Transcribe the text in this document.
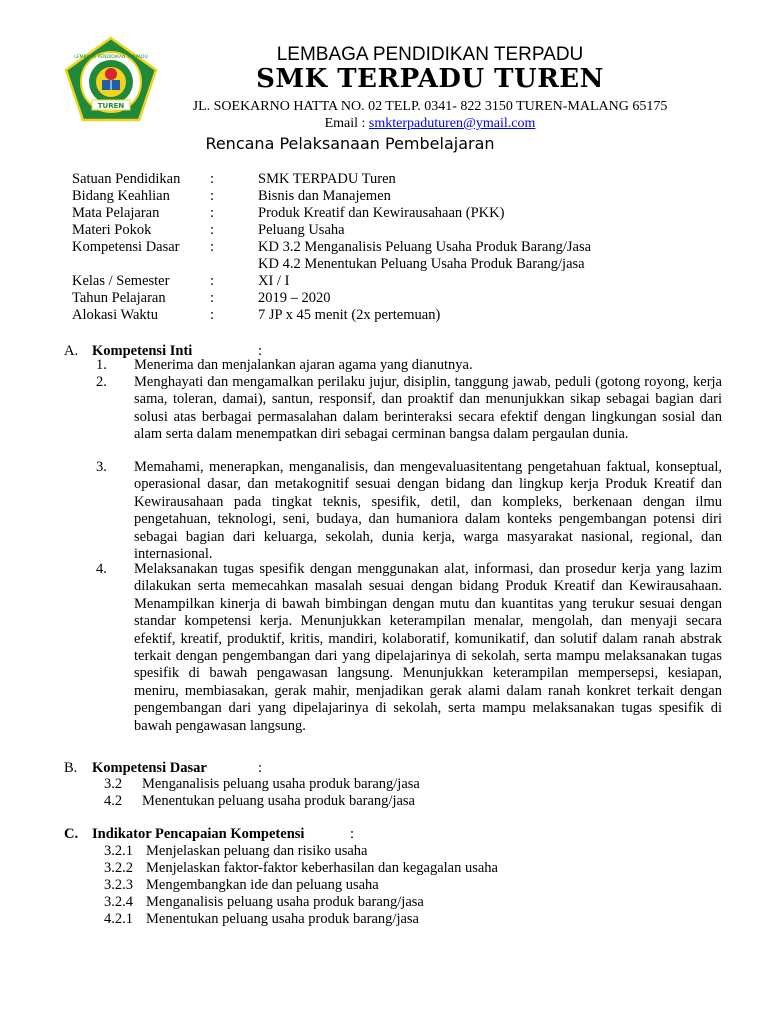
LEMBAGA PENDIDIKAN TERPADU
TUREN
LEMBAGA PENDIDIKAN TERPADU
SMK TERPADU TUREN
JL. SOEKARNO HATTA NO. 02 TELP. 0341- 822 3150 TUREN-MALANG 65175
Email : smkterpaduturen@ymail.com
Rencana Pelaksanaan Pembelajaran
Satuan Pendidikan	:	SMK TERPADU Turen
Bidang Keahlian	:	Bisnis dan Manajemen
Mata Pelajaran	:	Produk Kreatif dan Kewirausahaan (PKK)
Materi Pokok	:	Peluang Usaha
Kompetensi Dasar	:	KD 3.2 Menganalisis Peluang Usaha Produk Barang/Jasa
		KD 4.2 Menentukan Peluang Usaha Produk Barang/jasa
Kelas / Semester	:	XI / I
Tahun Pelajaran	:	2019 – 2020
Alokasi Waktu	:	7 JP x 45 menit (2x pertemuan)
A. Kompetensi Inti	:
1.	Menerima dan menjalankan ajaran agama yang dianutnya.
2.	Menghayati dan mengamalkan perilaku jujur, disiplin, tanggung jawab, peduli (gotong royong, kerja sama, toleran, damai), santun, responsif, dan proaktif dan menunjukkan sikap sebagai bagian dari solusi atas berbagai permasalahan dalam berinteraksi secara efektif dengan lingkungan sosial dan alam serta dalam menempatkan diri sebagai cerminan bangsa dalam pergaulan dunia.
3.	Memahami, menerapkan, menganalisis, dan mengevaluasitentang pengetahuan faktual, konseptual, operasional dasar, dan metakognitif sesuai dengan bidang dan lingkup kerja Produk Kreatif dan Kewirausahaan pada tingkat teknis, spesifik, detil, dan kompleks, berkenaan dengan ilmu pengetahuan, teknologi, seni, budaya, dan humaniora dalam konteks pengembangan potensi diri sebagai bagian dari keluarga, sekolah, dunia kerja, warga masyarakat nasional, regional, dan internasional.
4.	Melaksanakan tugas spesifik dengan menggunakan alat, informasi, dan prosedur kerja yang lazim dilakukan serta memecahkan masalah sesuai dengan bidang Produk Kreatif dan Kewirausahaan. Menampilkan kinerja di bawah bimbingan dengan mutu dan kuantitas yang terukur sesuai dengan standar kompetensi kerja. Menunjukkan keterampilan menalar, mengolah, dan menyaji secara efektif, kreatif, produktif, kritis, mandiri, kolaboratif, komunikatif, dan solutif dalam ranah abstrak terkait dengan pengembangan dari yang dipelajarinya di sekolah, serta mampu melaksanakan tugas spesifik di bawah pengawasan langsung. Menunjukkan keterampilan mempersepsi, kesiapan, meniru, membiasakan, gerak mahir, menjadikan gerak alami dalam ranah konkret terkait dengan pengembangan dari yang dipelajarinya di sekolah, serta mampu melaksanakan tugas spesifik di bawah pengawasan langsung.
B. Kompetensi Dasar	:
3.2 Menganalisis peluang usaha produk barang/jasa
4.2 Menentukan peluang usaha produk barang/jasa
C. Indikator Pencapaian Kompetensi	:
3.2.1 Menjelaskan peluang dan risiko usaha
3.2.2 Menjelaskan faktor-faktor keberhasilan dan kegagalan usaha
3.2.3 Mengembangkan ide dan peluang usaha
3.2.4 Menganalisis peluang usaha produk barang/jasa
4.2.1 Menentukan peluang usaha produk barang/jasa
